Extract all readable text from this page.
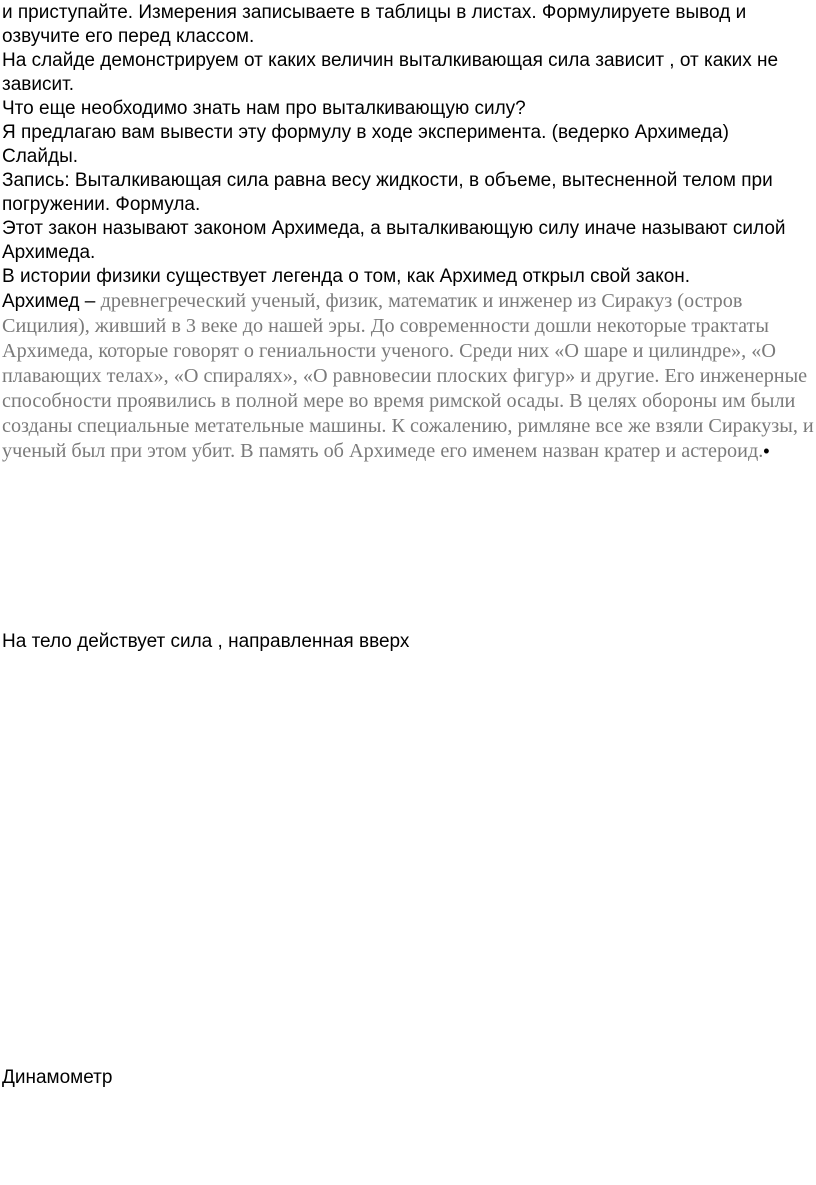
и приступайте. Измерения записываете в таблицы в листах. Формулируете вывод и озвучите его перед классом.
На слайде демонстрируем от каких величин выталкивающая сила зависит , от каких не зависит.
Что еще необходимо знать нам про выталкивающую силу?
Я предлагаю вам вывести эту формулу в ходе эксперимента. (ведерко Архимеда)
Слайды.
Запись: Выталкивающая сила равна весу жидкости, в объеме, вытесненной телом при погружении. Формула.
Этот закон называют законом Архимеда, а выталкивающую силу иначе называют силой Архимеда.
В истории физики существует легенда о том, как Архимед открыл свой закон.
Архимед – древнегреческий ученый, физик, математик и инженер из Сиракуз (остров Сицилия), живший в 3 веке до нашей эры. До современности дошли некоторые трактаты Архимеда, которые говорят о гениальности ученого. Среди них «О шаре и цилиндре», «О плавающих телах», «О спиралях», «О равновесии плоских фигур» и другие. Его инженерные способности проявились в полной мере во время римской осады. В целях обороны им были созданы специальные метательные машины. К сожалению, римляне все же взяли Сиракузы, и ученый был при этом убит. В память об Архимеде его именем назван кратер и астероид.•
На тело действует сила , направленная вверх
Динамометр
